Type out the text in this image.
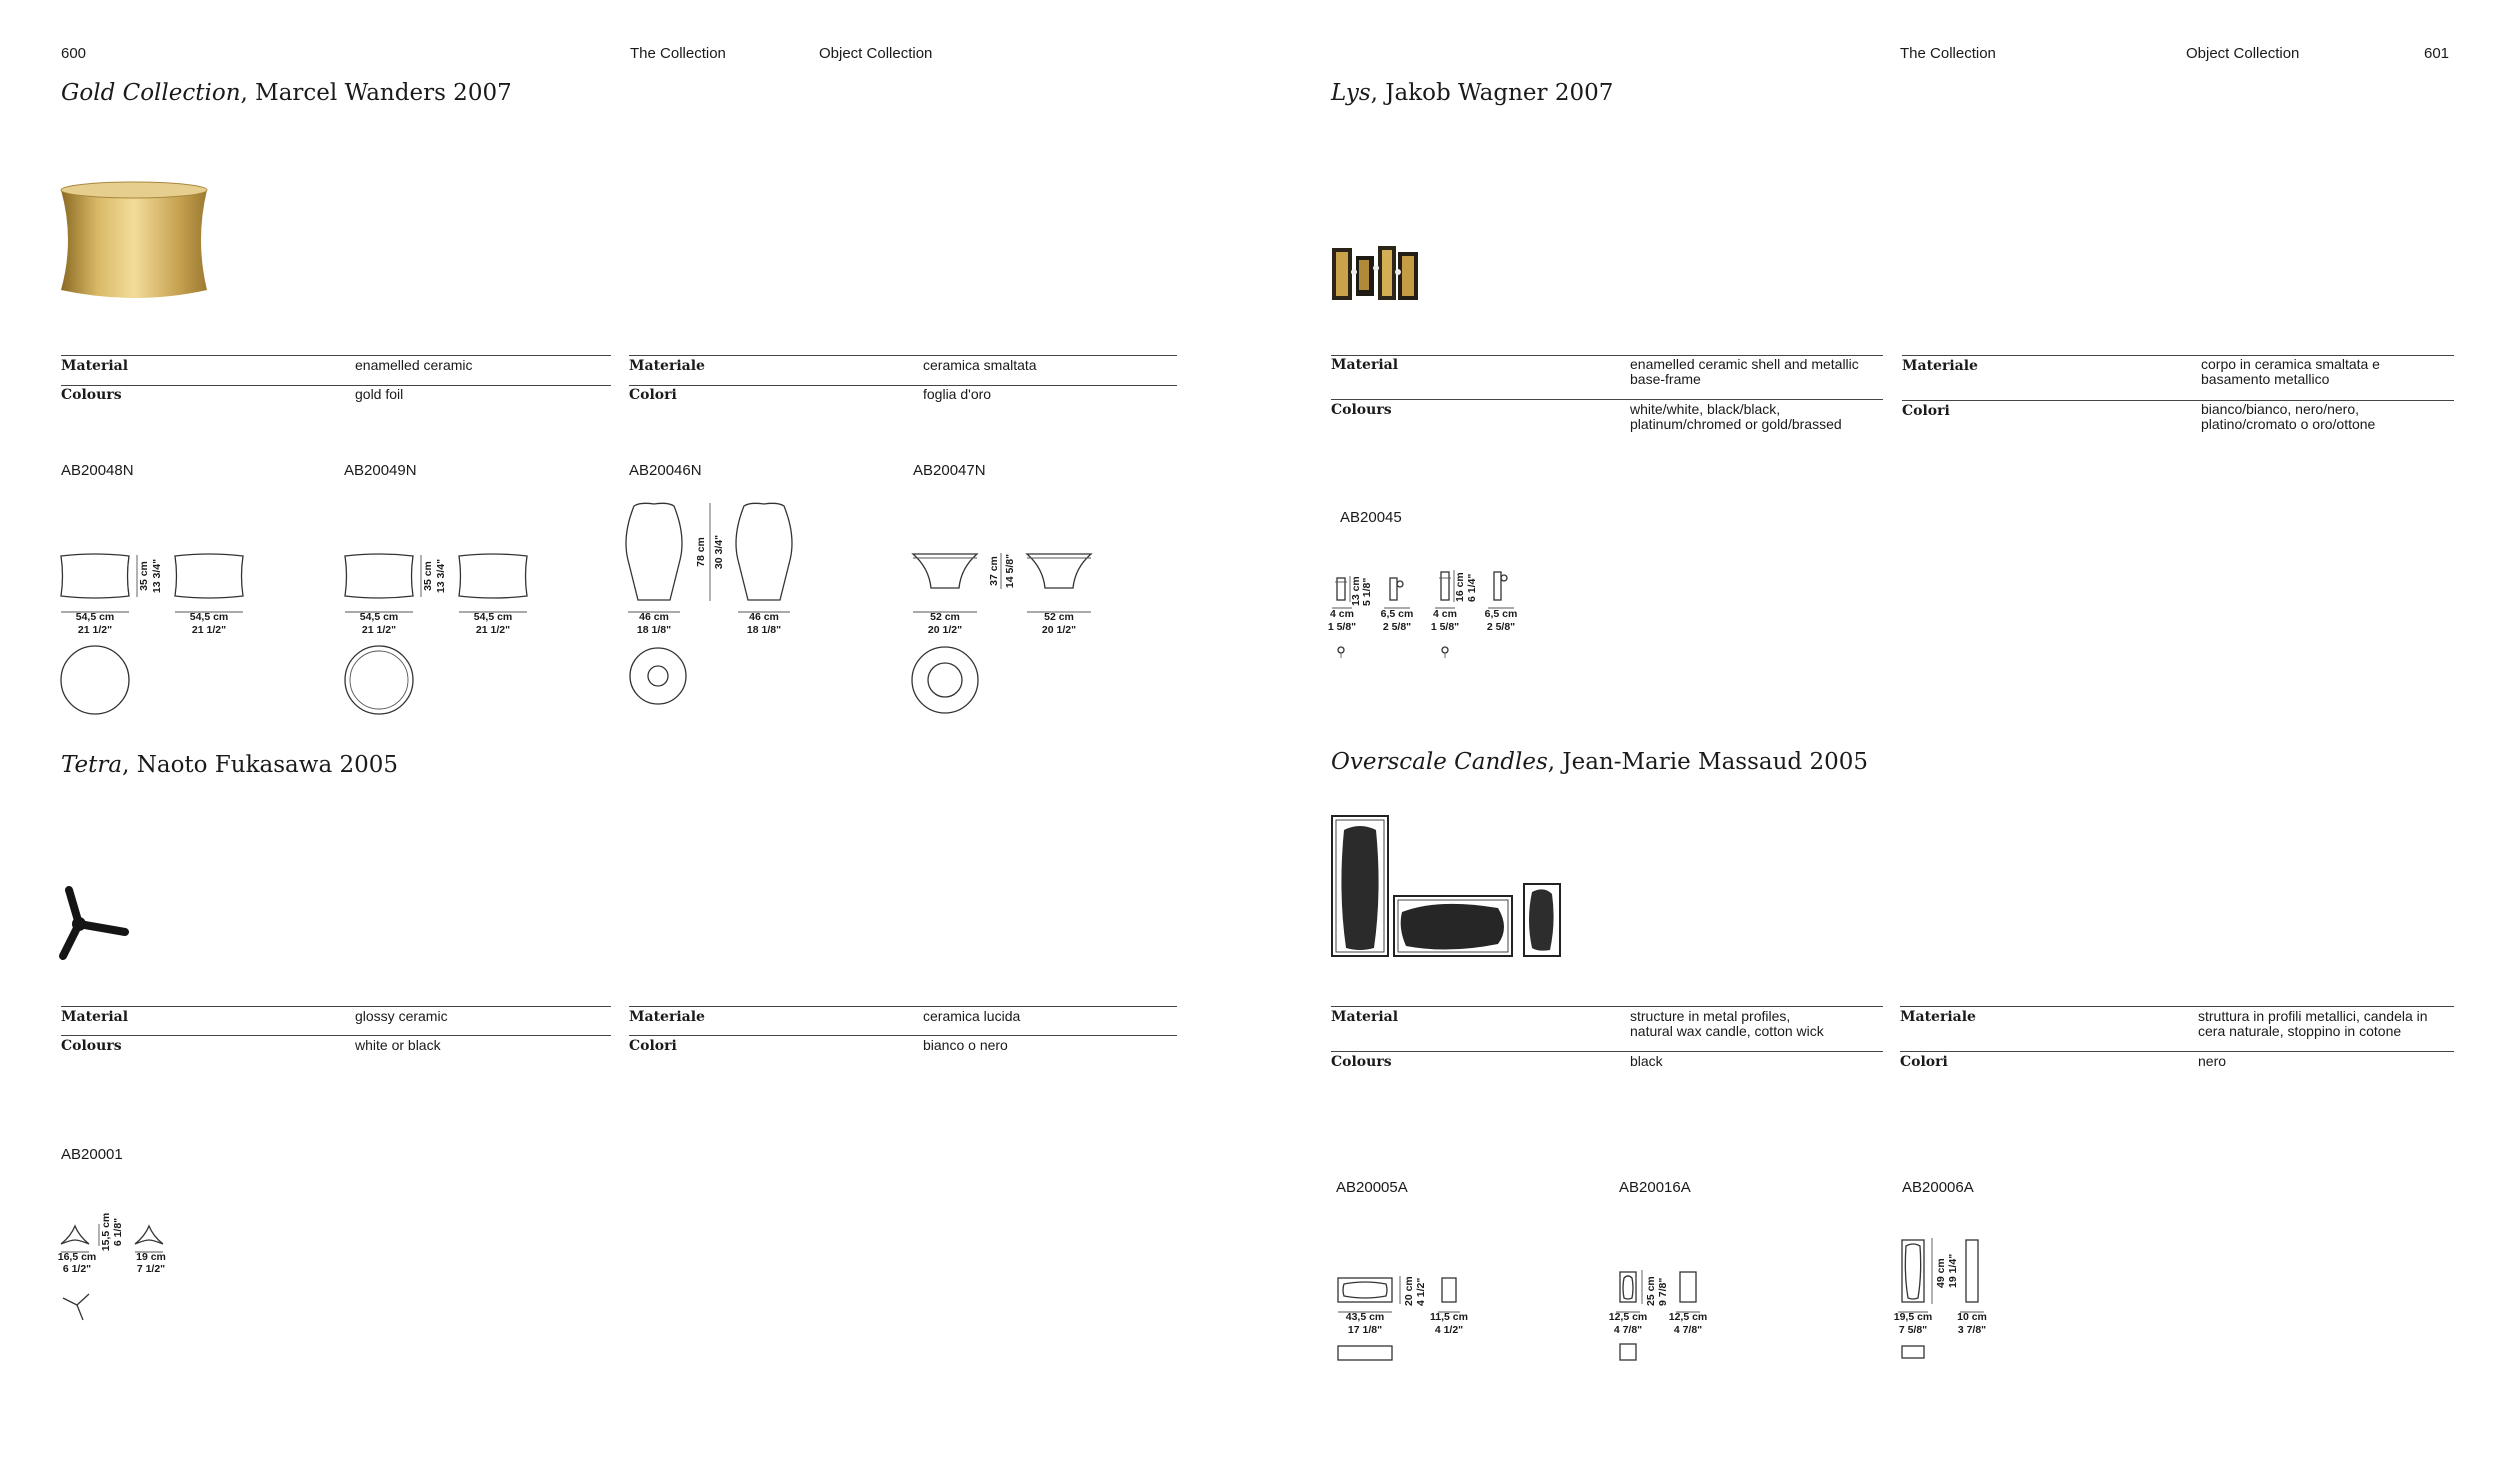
600	The Collection	Object Collection	The Collection	Object Collection	601
Gold Collection, Marcel Wanders 2007
Material	enamelled ceramic
Colours	gold foil
Materiale	ceramica smaltata
Colori	foglia d'oro
AB20048N	AB20049N	AB20046N	AB20047N
35 cm 13 3/4"
54,5 cm
21 1/2"
54,5 cm
21 1/2"
35 cm 13 3/4"
54,5 cm
21 1/2"
54,5 cm
21 1/2"
78 cm 30 3/4"
46 cm
18 1/8"
46 cm
18 1/8"
37 cm 14 5/8"
52 cm
20 1/2"
52 cm
20 1/2"
Tetra, Naoto Fukasawa 2005
Material	glossy ceramic
Colours	white or black
Materiale	ceramica lucida
Colori	bianco o nero
AB20001
15,5 cm 6 1/8"
16,5 cm
6 1/2"
19 cm
7 1/2"
Lys, Jakob Wagner 2007
Material	enamelled ceramic shell and metallic
base-frame
Colours	white/white, black/black,
platinum/chromed or gold/brassed
Materiale	corpo in ceramica smaltata e
basamento metallico
Colori	bianco/bianco, nero/nero,
platino/cromato o oro/ottone
AB20045
13 cm 5 1/8"	16 cm 6 1/4"
4 cm
1 5/8"
6,5 cm
2 5/8"
4 cm
1 5/8"
6,5 cm
2 5/8"
Overscale Candles, Jean-Marie Massaud 2005
Material	structure in metal profiles,
natural wax candle, cotton wick
Colours	black
Materiale	struttura in profili metallici, candela in
cera naturale, stoppino in cotone
Colori	nero
AB20005A	AB20016A	AB20006A
20 cm 4 1/2"
43,5 cm
17 1/8"
11,5 cm
4 1/2"
25 cm 9 7/8"
12,5 cm
4 7/8"
12,5 cm
4 7/8"
49 cm 19 1/4"
19,5 cm
7 5/8"
10 cm
3 7/8"
